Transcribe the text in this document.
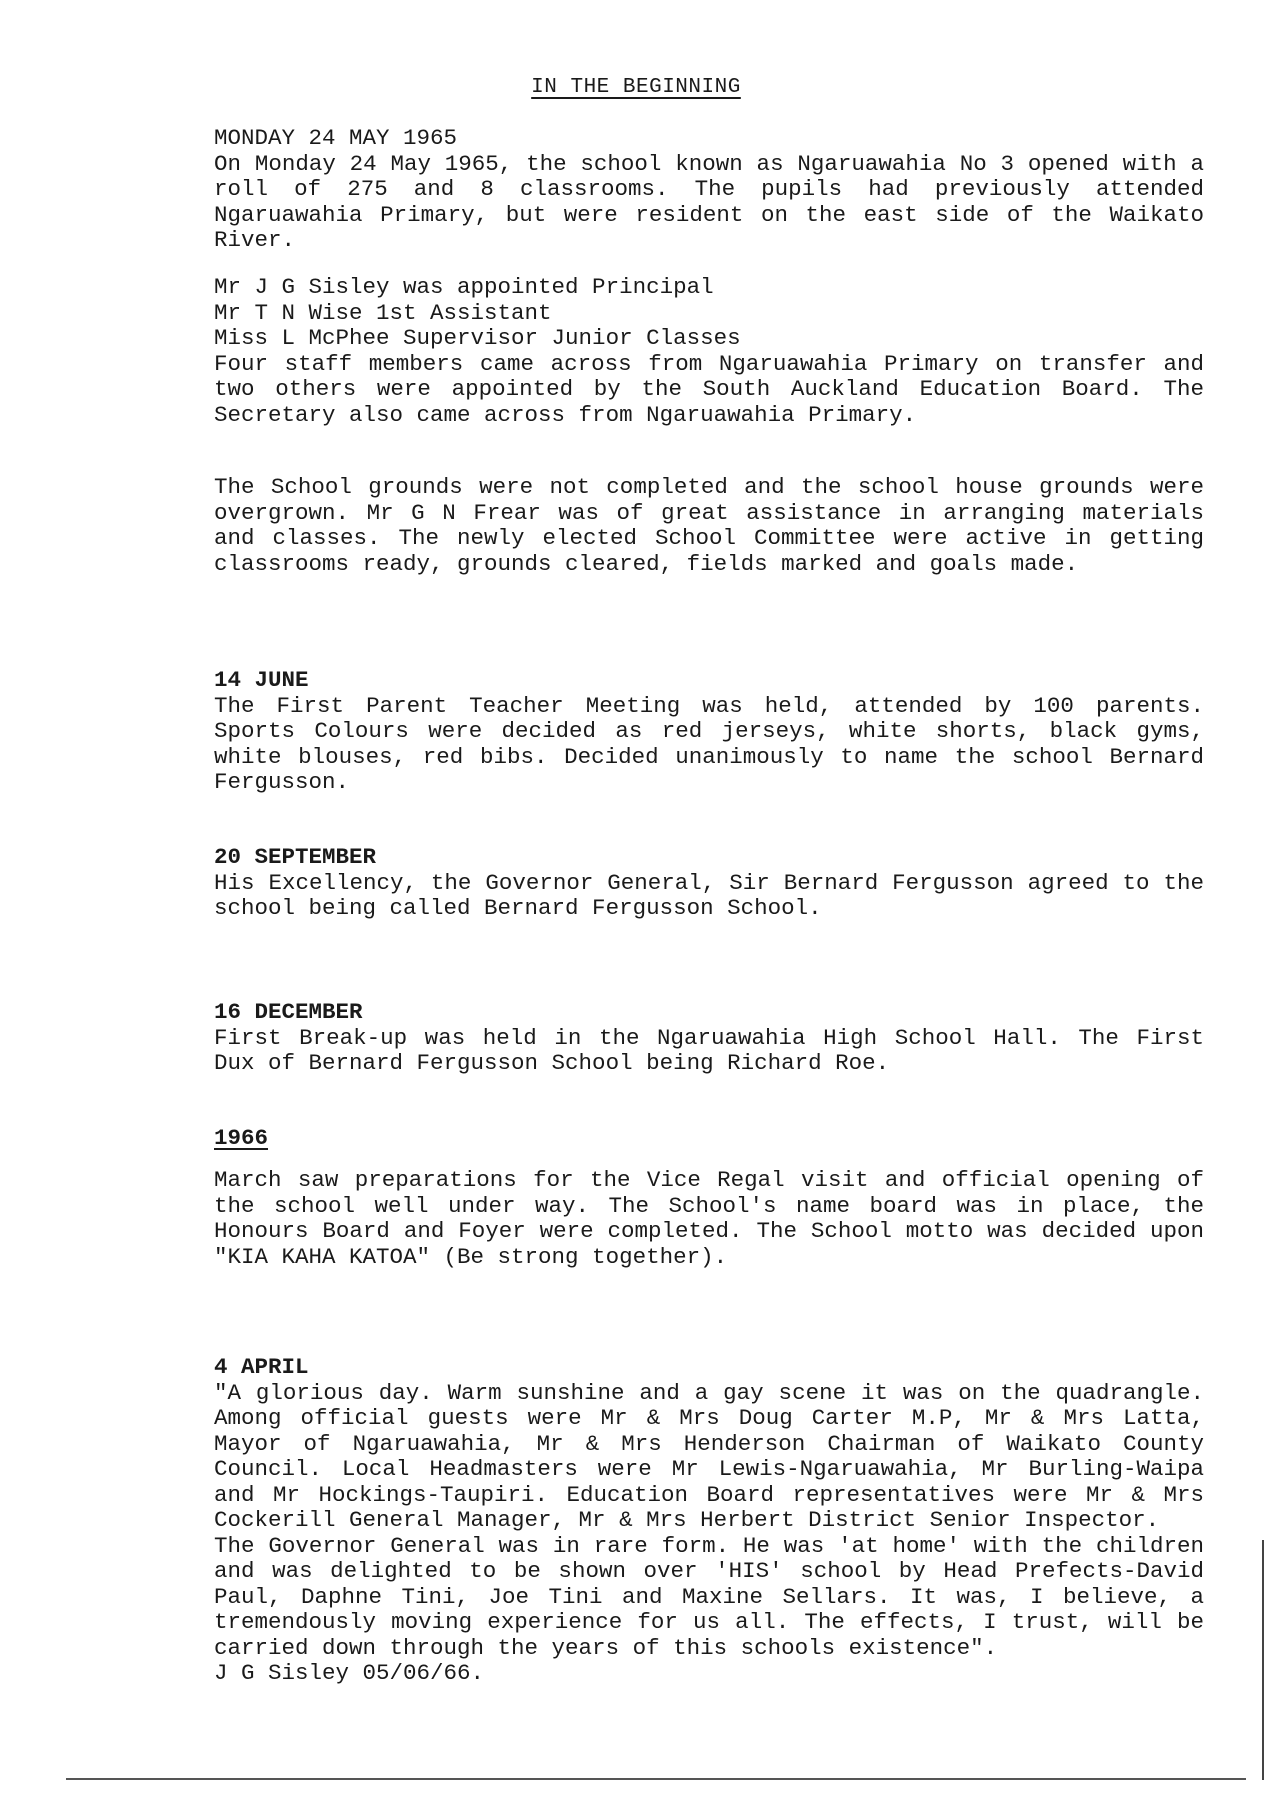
IN THE BEGINNING
MONDAY 24 MAY 1965
On Monday 24 May 1965, the school known as Ngaruawahia No 3 opened with a roll of 275 and 8 classrooms. The pupils had previously attended Ngaruawahia Primary, but were resident on the east side of the Waikato River.
Mr J G Sisley was appointed Principal
Mr T N Wise 1st Assistant
Miss L McPhee Supervisor Junior Classes
Four staff members came across from Ngaruawahia Primary on transfer and two others were appointed by the South Auckland Education Board. The Secretary also came across from Ngaruawahia Primary.
The School grounds were not completed and the school house grounds were overgrown. Mr G N Frear was of great assistance in arranging materials and classes. The newly elected School Committee were active in getting classrooms ready, grounds cleared, fields marked and goals made.
14 JUNE
The First Parent Teacher Meeting was held, attended by 100 parents. Sports Colours were decided as red jerseys, white shorts, black gyms, white blouses, red bibs. Decided unanimously to name the school Bernard Fergusson.
20 SEPTEMBER
His Excellency, the Governor General, Sir Bernard Fergusson agreed to the school being called Bernard Fergusson School.
16 DECEMBER
First Break-up was held in the Ngaruawahia High School Hall. The First Dux of Bernard Fergusson School being Richard Roe.
1966
March saw preparations for the Vice Regal visit and official opening of the school well under way. The School's name board was in place, the Honours Board and Foyer were completed. The School motto was decided upon "KIA KAHA KATOA" (Be strong together).
4 APRIL
"A glorious day. Warm sunshine and a gay scene it was on the quadrangle. Among official guests were Mr & Mrs Doug Carter M.P, Mr & Mrs Latta, Mayor of Ngaruawahia, Mr & Mrs Henderson Chairman of Waikato County Council. Local Headmasters were Mr Lewis-Ngaruawahia, Mr Burling-Waipa and Mr Hockings-Taupiri. Education Board representatives were Mr & Mrs Cockerill General Manager, Mr & Mrs Herbert District Senior Inspector.
The Governor General was in rare form. He was 'at home' with the children and was delighted to be shown over 'HIS' school by Head Prefects-David Paul, Daphne Tini, Joe Tini and Maxine Sellars. It was, I believe, a tremendously moving experience for us all. The effects, I trust, will be carried down through the years of this schools existence".
J G Sisley 05/06/66.
